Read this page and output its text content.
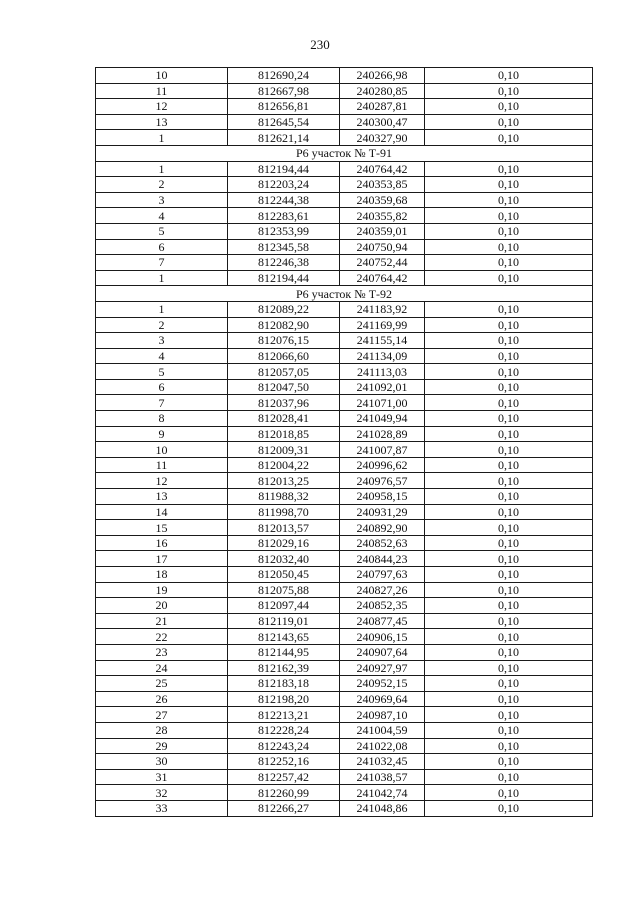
230
10	812690,24	240266,98	0,10
11	812667,98	240280,85	0,10
12	812656,81	240287,81	0,10
13	812645,54	240300,47	0,10
1	812621,14	240327,90	0,10
Р6 участок № Т-91			
1	812194,44	240764,42	0,10
2	812203,24	240353,85	0,10
3	812244,38	240359,68	0,10
4	812283,61	240355,82	0,10
5	812353,99	240359,01	0,10
6	812345,58	240750,94	0,10
7	812246,38	240752,44	0,10
1	812194,44	240764,42	0,10
Р6 участок № Т-92			
1	812089,22	241183,92	0,10
2	812082,90	241169,99	0,10
3	812076,15	241155,14	0,10
4	812066,60	241134,09	0,10
5	812057,05	241113,03	0,10
6	812047,50	241092,01	0,10
7	812037,96	241071,00	0,10
8	812028,41	241049,94	0,10
9	812018,85	241028,89	0,10
10	812009,31	241007,87	0,10
11	812004,22	240996,62	0,10
12	812013,25	240976,57	0,10
13	811988,32	240958,15	0,10
14	811998,70	240931,29	0,10
15	812013,57	240892,90	0,10
16	812029,16	240852,63	0,10
17	812032,40	240844,23	0,10
18	812050,45	240797,63	0,10
19	812075,88	240827,26	0,10
20	812097,44	240852,35	0,10
21	812119,01	240877,45	0,10
22	812143,65	240906,15	0,10
23	812144,95	240907,64	0,10
24	812162,39	240927,97	0,10
25	812183,18	240952,15	0,10
26	812198,20	240969,64	0,10
27	812213,21	240987,10	0,10
28	812228,24	241004,59	0,10
29	812243,24	241022,08	0,10
30	812252,16	241032,45	0,10
31	812257,42	241038,57	0,10
32	812260,99	241042,74	0,10
33	812266,27	241048,86	0,10
